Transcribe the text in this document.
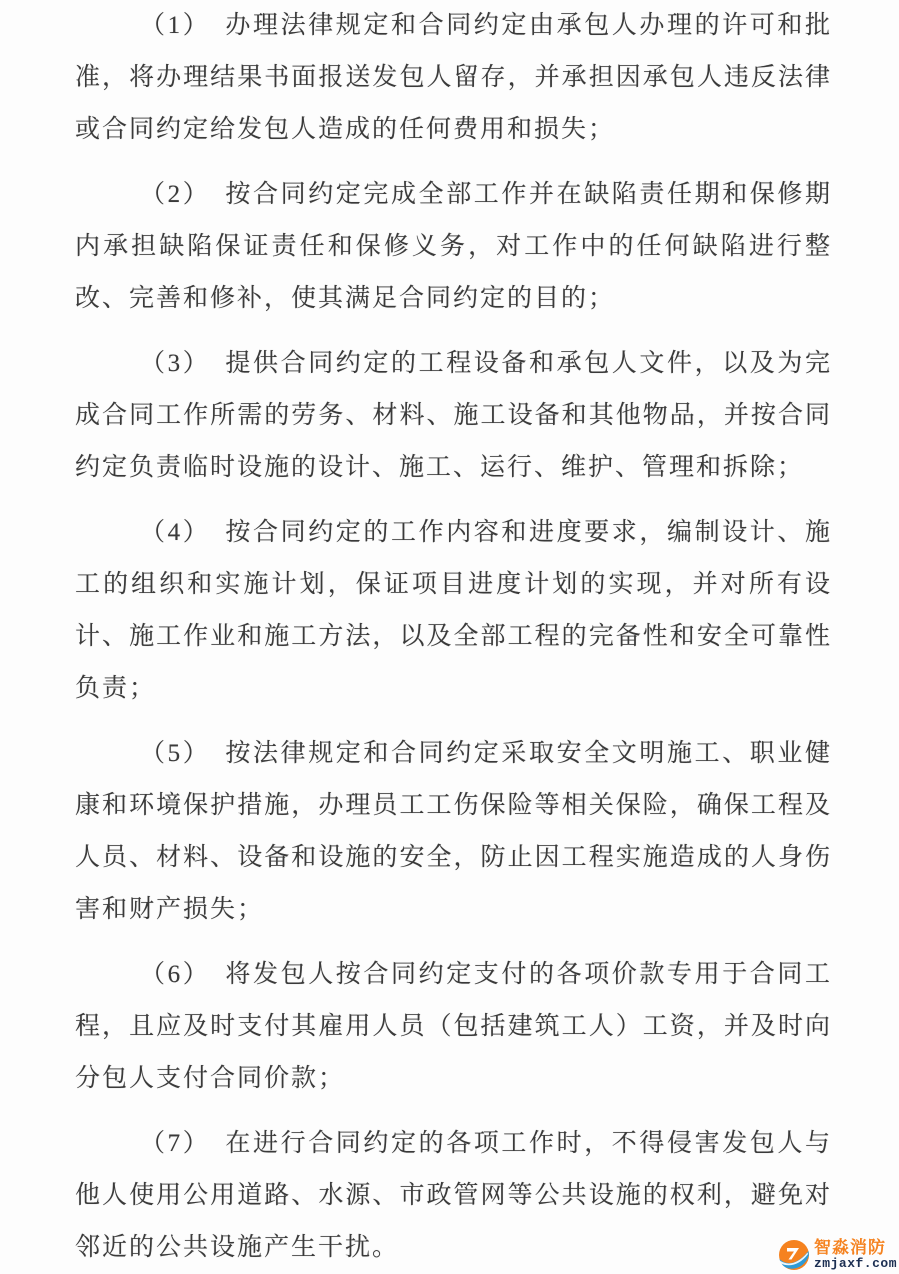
（1）　办理法律规定和合同约定由承包人办理的许可和批准，将办理结果书面报送发包人留存，并承担因承包人违反法律或合同约定给发包人造成的任何费用和损失；

（2）　按合同约定完成全部工作并在缺陷责任期和保修期内承担缺陷保证责任和保修义务，对工作中的任何缺陷进行整改、完善和修补，使其满足合同约定的目的；

（3）　提供合同约定的工程设备和承包人文件，以及为完成合同工作所需的劳务、材料、施工设备和其他物品，并按合同约定负责临时设施的设计、施工、运行、维护、管理和拆除；

（4）　按合同约定的工作内容和进度要求，编制设计、施工的组织和实施计划，保证项目进度计划的实现，并对所有设计、施工作业和施工方法，以及全部工程的完备性和安全可靠性负责；

（5）　按法律规定和合同约定采取安全文明施工、职业健康和环境保护措施，办理员工工伤保险等相关保险，确保工程及人员、材料、设备和设施的安全，防止因工程实施造成的人身伤害和财产损失；

（6）　将发包人按合同约定支付的各项价款专用于合同工程，且应及时支付其雇用人员（包括建筑工人）工资，并及时向分包人支付合同价款；

（7）　在进行合同约定的各项工作时，不得侵害发包人与他人使用公用道路、水源、市政管网等公共设施的权利，避免对邻近的公共设施产生干扰。	智淼消防
zmjaxf.com
